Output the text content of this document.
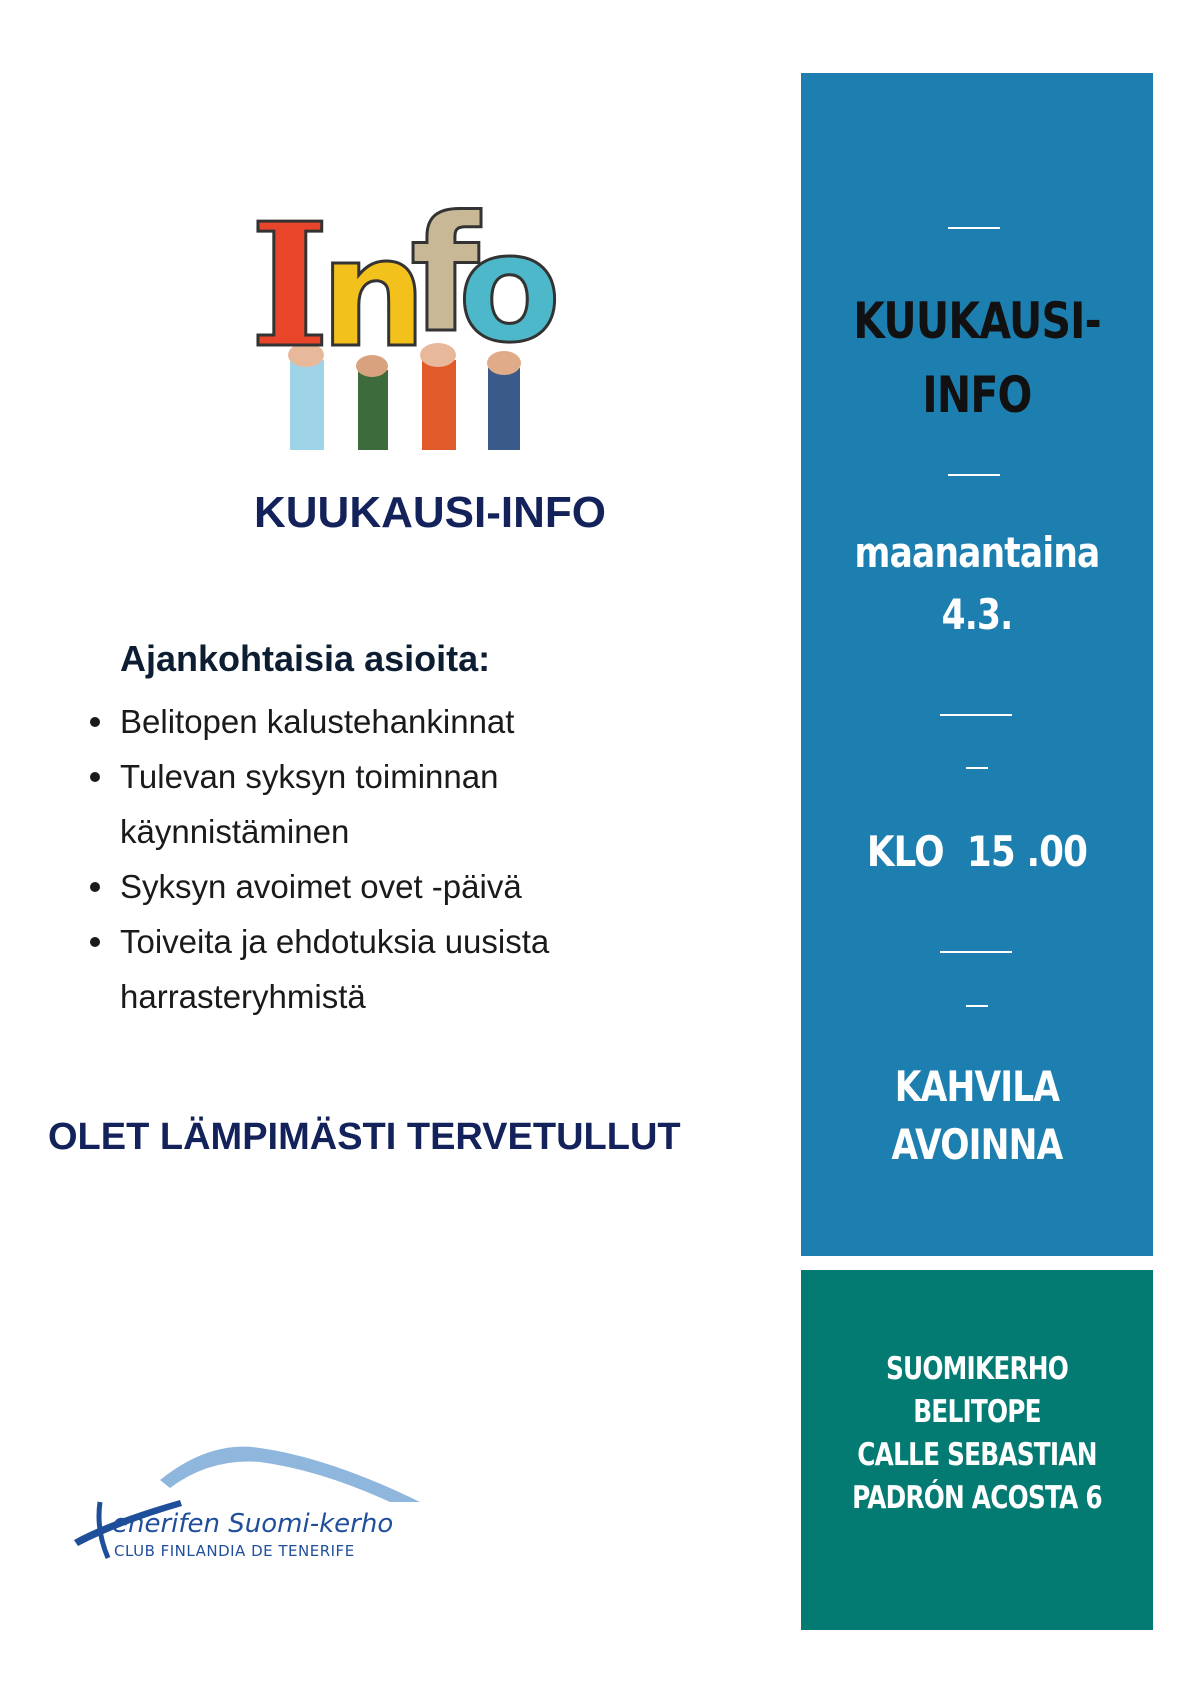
I
n
f
o
KUUKAUSI-INFO
Ajankohtaisia asioita:
Belitopen kalustehankinnat
Tulevan syksyn toiminnan
käynnistäminen
Syksyn avoimet ovet -päivä
Toiveita ja ehdotuksia uusista
harrasteryhmistä
OLET LÄMPIMÄSTI TERVETULLUT
KUUKAUSI-
INFO
maanantaina
4.3.
KLO  15 .00
KAHVILA
AVOINNA
SUOMIKERHO
BELITOPE
CALLE SEBASTIAN
PADRÓN ACOSTA 6
enerifen Suomi-kerho
CLUB FINLANDIA DE TENERIFE
